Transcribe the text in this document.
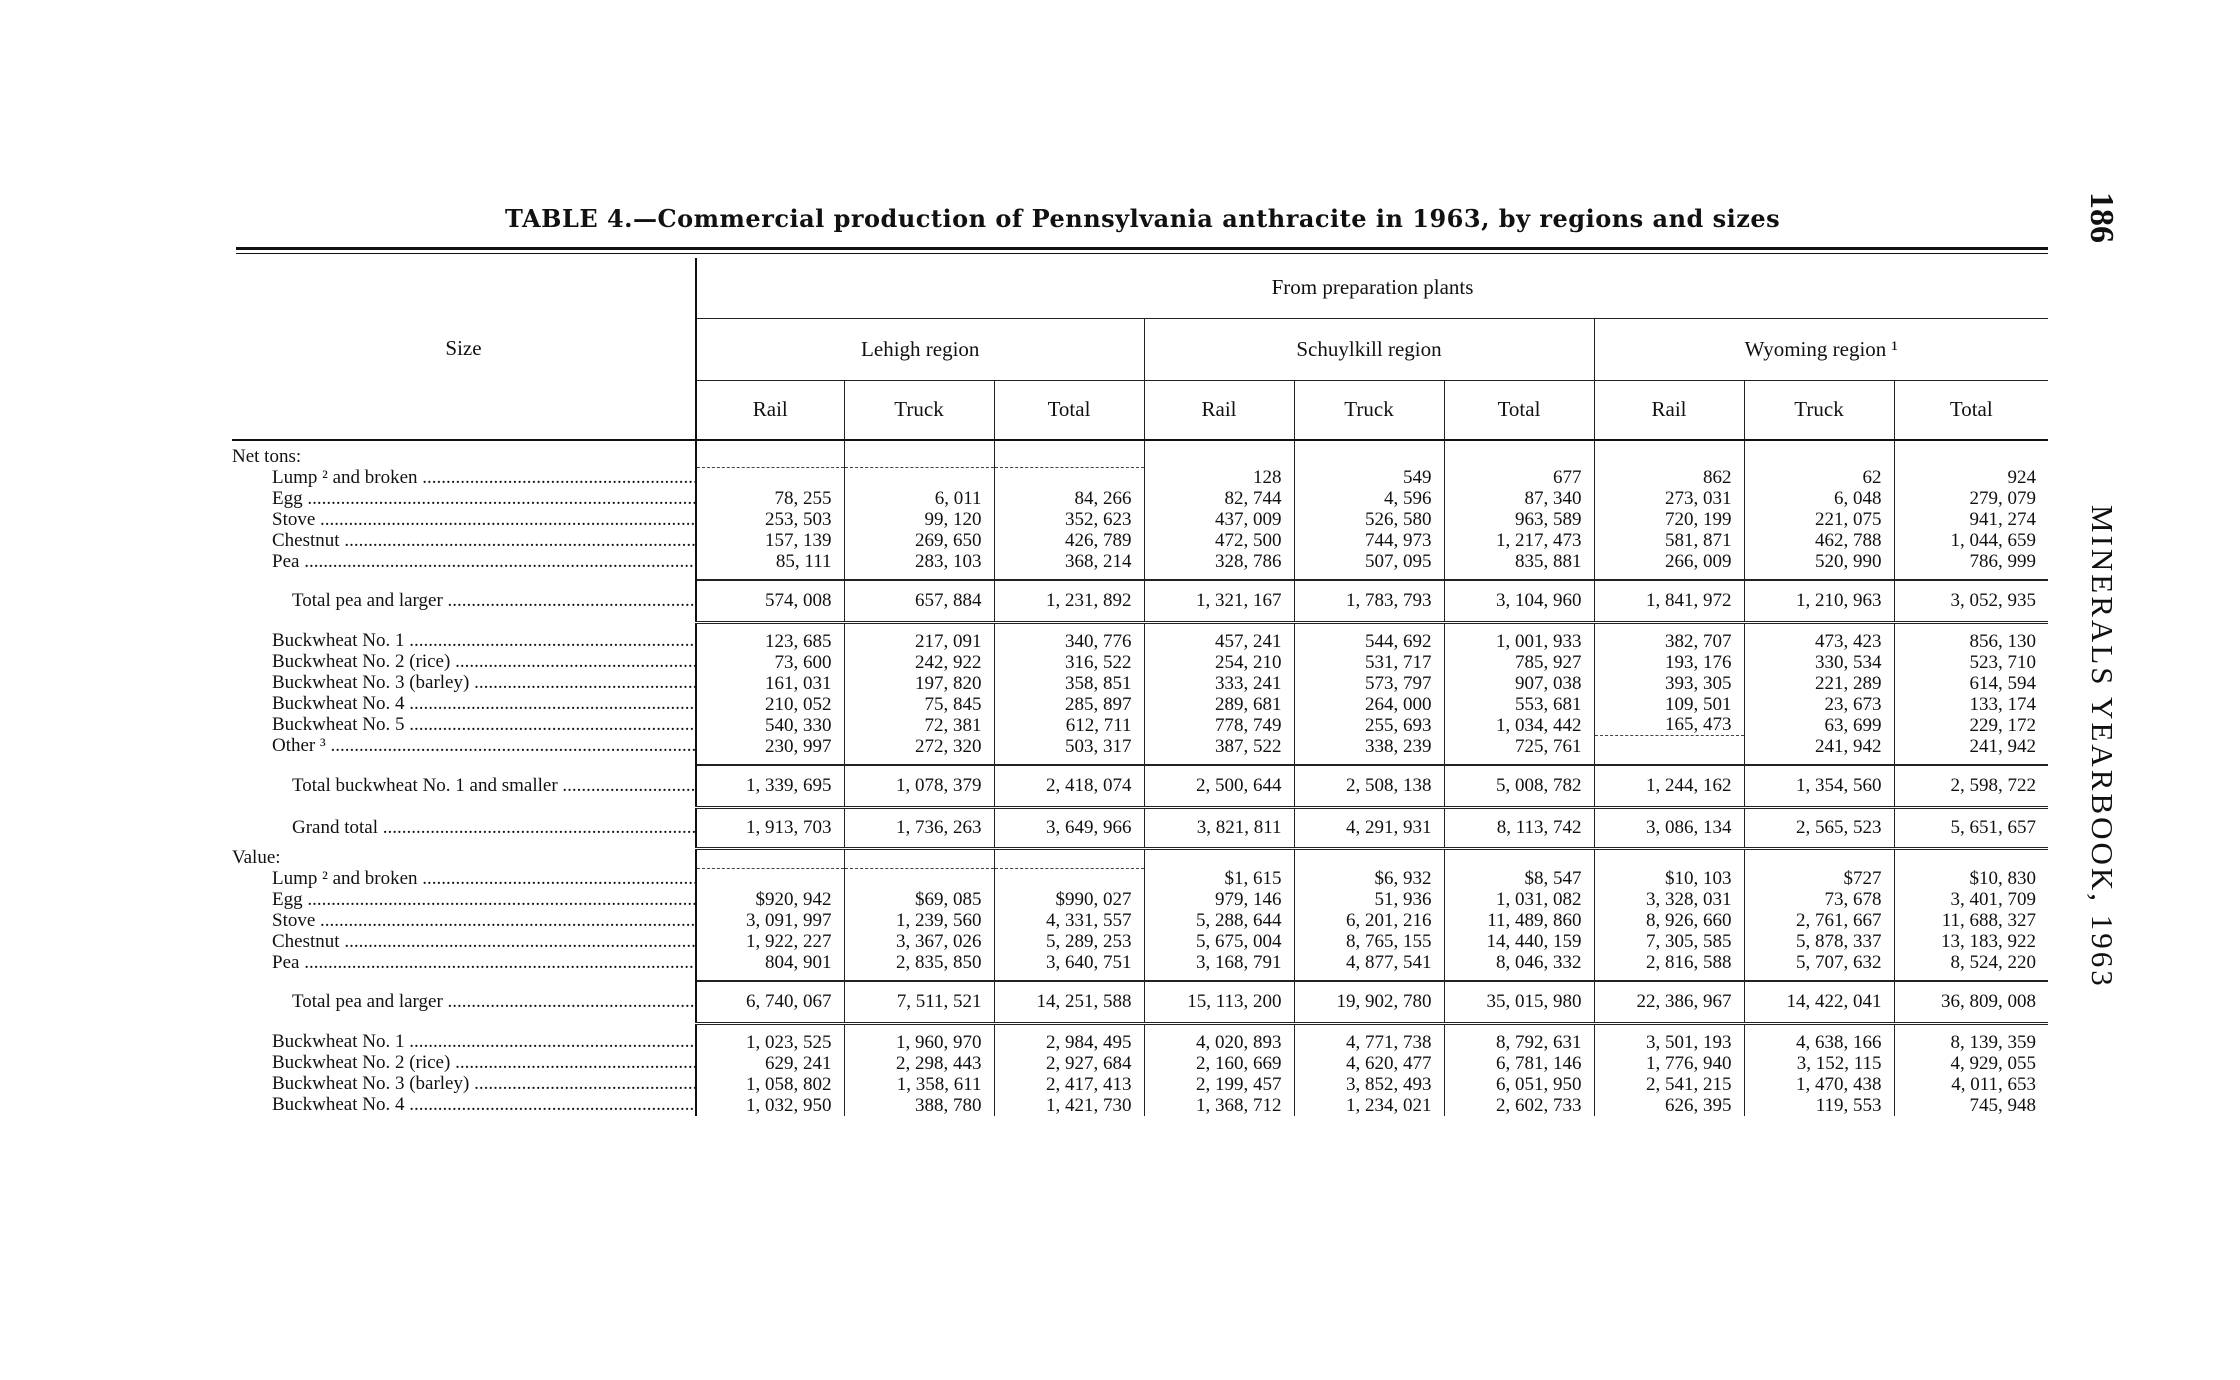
TABLE 4.—Commercial production of Pennsylvania anthracite in 1963, by regions and sizes	186
MINERALS YEARBOOK, 1963
Size	From preparation plants								
	Lehigh region			Schuylkill region			Wyoming region ¹		
	Rail	Truck	Total	Rail	Truck	Total	Rail	Truck	Total
Net tons:									
Lump ² and broken .....				128	549	677	862	62	924
Egg .....	78, 255	6, 011	84, 266	82, 744	4, 596	87, 340	273, 031	6, 048	279, 079
Stove .....	253, 503	99, 120	352, 623	437, 009	526, 580	963, 589	720, 199	221, 075	941, 274
Chestnut .....	157, 139	269, 650	426, 789	472, 500	744, 973	1, 217, 473	581, 871	462, 788	1, 044, 659
Pea .....	85, 111	283, 103	368, 214	328, 786	507, 095	835, 881	266, 009	520, 990	786, 999

Total pea and larger .....	574, 008	657, 884	1, 231, 892	1, 321, 167	1, 783, 793	3, 104, 960	1, 841, 972	1, 210, 963	3, 052, 935

Buckwheat No. 1 .....	123, 685	217, 091	340, 776	457, 241	544, 692	1, 001, 933	382, 707	473, 423	856, 130
Buckwheat No. 2 (rice) .....	73, 600	242, 922	316, 522	254, 210	531, 717	785, 927	193, 176	330, 534	523, 710
Buckwheat No. 3 (barley) .....	161, 031	197, 820	358, 851	333, 241	573, 797	907, 038	393, 305	221, 289	614, 594
Buckwheat No. 4 .....	210, 052	75, 845	285, 897	289, 681	264, 000	553, 681	109, 501	23, 673	133, 174
Buckwheat No. 5 .....	540, 330	72, 381	612, 711	778, 749	255, 693	1, 034, 442	165, 473	63, 699	229, 172
Other ³ .....	230, 997	272, 320	503, 317	387, 522	338, 239	725, 761		241, 942	241, 942

Total buckwheat No. 1 and smaller .....	1, 339, 695	1, 078, 379	2, 418, 074	2, 500, 644	2, 508, 138	5, 008, 782	1, 244, 162	1, 354, 560	2, 598, 722
Grand total .....	1, 913, 703	1, 736, 263	3, 649, 966	3, 821, 811	4, 291, 931	8, 113, 742	3, 086, 134	2, 565, 523	5, 651, 657
Value:									
Lump ² and broken .....				$1, 615	$6, 932	$8, 547	$10, 103	$727	$10, 830
Egg .....	$920, 942	$69, 085	$990, 027	979, 146	51, 936	1, 031, 082	3, 328, 031	73, 678	3, 401, 709
Stove .....	3, 091, 997	1, 239, 560	4, 331, 557	5, 288, 644	6, 201, 216	11, 489, 860	8, 926, 660	2, 761, 667	11, 688, 327
Chestnut .....	1, 922, 227	3, 367, 026	5, 289, 253	5, 675, 004	8, 765, 155	14, 440, 159	7, 305, 585	5, 878, 337	13, 183, 922
Pea .....	804, 901	2, 835, 850	3, 640, 751	3, 168, 791	4, 877, 541	8, 046, 332	2, 816, 588	5, 707, 632	8, 524, 220

Total pea and larger .....	6, 740, 067	7, 511, 521	14, 251, 588	15, 113, 200	19, 902, 780	35, 015, 980	22, 386, 967	14, 422, 041	36, 809, 008

Buckwheat No. 1 .....	1, 023, 525	1, 960, 970	2, 984, 495	4, 020, 893	4, 771, 738	8, 792, 631	3, 501, 193	4, 638, 166	8, 139, 359
Buckwheat No. 2 (rice) .....	629, 241	2, 298, 443	2, 927, 684	2, 160, 669	4, 620, 477	6, 781, 146	1, 776, 940	3, 152, 115	4, 929, 055
Buckwheat No. 3 (barley) .....	1, 058, 802	1, 358, 611	2, 417, 413	2, 199, 457	3, 852, 493	6, 051, 950	2, 541, 215	1, 470, 438	4, 011, 653
Buckwheat No. 4 .....	1, 032, 950	388, 780	1, 421, 730	1, 368, 712	1, 234, 021	2, 602, 733	626, 395	119, 553	745, 948
